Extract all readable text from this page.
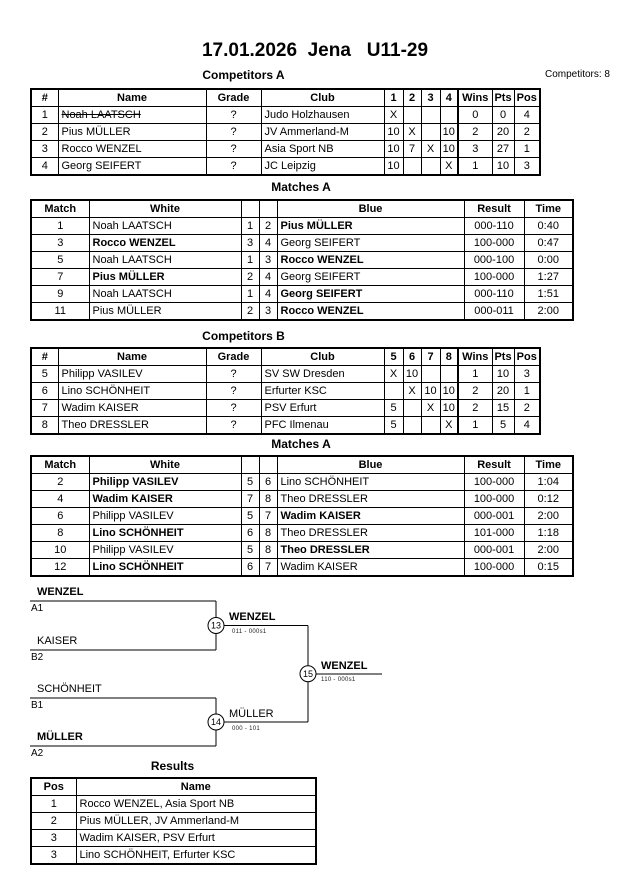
17.01.2026  Jena   U11-29
Competitors A	Competitors: 8
#	Name	Grade	Club	1	2	3	4	Wins	Pts	Pos
1	Noah LAATSCH	?	Judo Holzhausen	X				0	0	4
2	Pius MÜLLER	?	JV Ammerland-M	10	X		10	2	20	2
3	Rocco WENZEL	?	Asia Sport NB	10	7	X	10	3	27	1
4	Georg SEIFERT	?	JC Leipzig	10			X	1	10	3
Matches A
Match	White			Blue	Result	Time
1	Noah LAATSCH	1	2	Pius MÜLLER	000-110	0:40
3	Rocco WENZEL	3	4	Georg SEIFERT	100-000	0:47
5	Noah LAATSCH	1	3	Rocco WENZEL	000-100	0:00
7	Pius MÜLLER	2	4	Georg SEIFERT	100-000	1:27
9	Noah LAATSCH	1	4	Georg SEIFERT	000-110	1:51
11	Pius MÜLLER	2	3	Rocco WENZEL	000-011	2:00
Competitors B
#	Name	Grade	Club	5	6	7	8	Wins	Pts	Pos
5	Philipp VASILEV	?	SV SW Dresden	X	10			1	10	3
6	Lino SCHÖNHEIT	?	Erfurter KSC		X	10	10	2	20	1
7	Wadim KAISER	?	PSV Erfurt	5		X	10	2	15	2
8	Theo DRESSLER	?	PFC Ilmenau	5			X	1	5	4
Matches A
Match	White			Blue	Result	Time
2	Philipp VASILEV	5	6	Lino SCHÖNHEIT	100-000	1:04
4	Wadim KAISER	7	8	Theo DRESSLER	100-000	0:12
6	Philipp VASILEV	5	7	Wadim KAISER	000-001	2:00
8	Lino SCHÖNHEIT	6	8	Theo DRESSLER	101-000	1:18
10	Philipp VASILEV	5	8	Theo DRESSLER	000-001	2:00
12	Lino SCHÖNHEIT	6	7	Wadim KAISER	100-000	0:15
13
14
15
WENZEL
A1
KAISER
B2
WENZEL
011 - 000s1
SCHÖNHEIT
B1
MÜLLER
A2
MÜLLER
000 - 101
WENZEL
110 - 000s1
Results
Pos	Name
1	Rocco WENZEL, Asia Sport NB
2	Pius MÜLLER, JV Ammerland-M
3	Wadim KAISER, PSV Erfurt
3	Lino SCHÖNHEIT, Erfurter KSC
